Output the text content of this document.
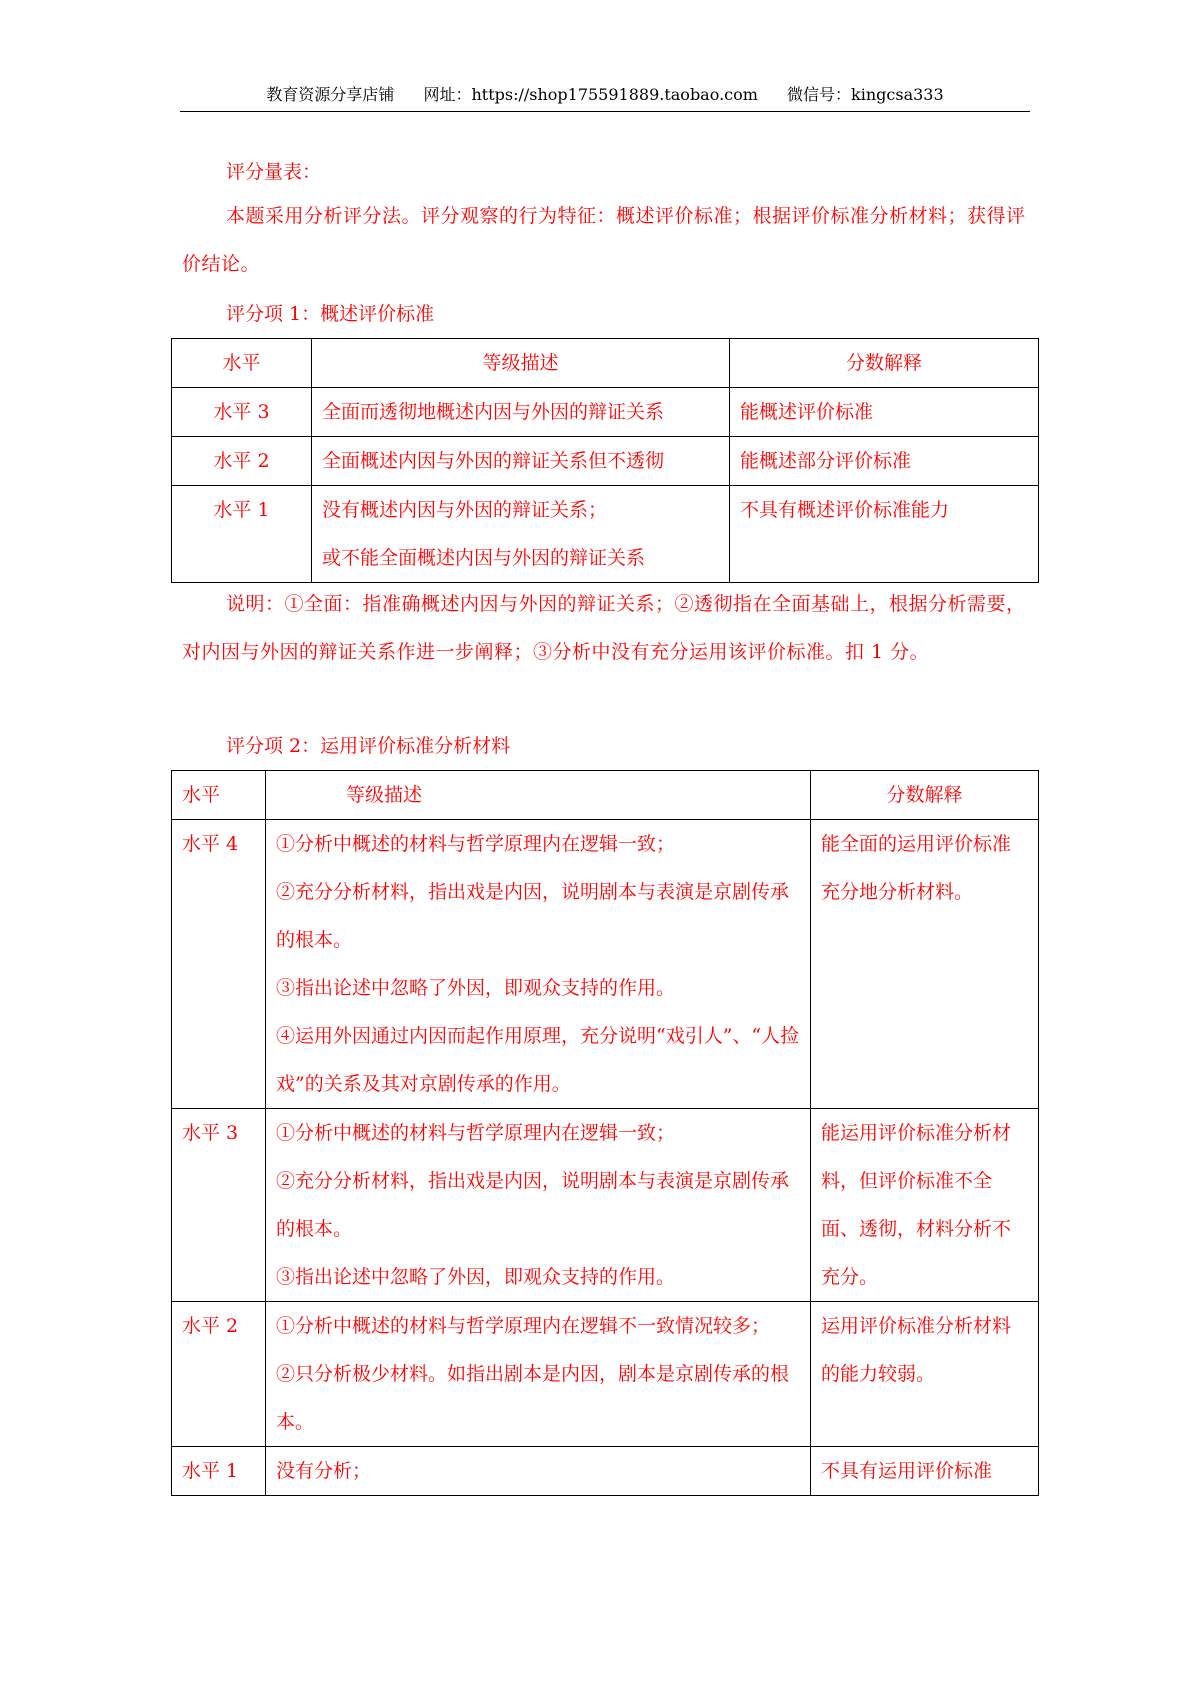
教育资源分享店铺 网址：https://shop175591889.taobao.com 微信号：kingcsa333
评分量表：
本题采用分析评分法。评分观察的行为特征：概述评价标准；根据评价标准分析材料；获得评价结论。
评分项 1：概述评价标准
水平	等级描述	分数解释
水平 3	全面而透彻地概述内因与外因的辩证关系	能概述评价标准
水平 2	全面概述内因与外因的辩证关系但不透彻	能概述部分评价标准
水平 1	没有概述内因与外因的辩证关系；
或不能全面概述内因与外因的辩证关系	不具有概述评价标准能力
说明：①全面：指准确概述内因与外因的辩证关系；②透彻指在全面基础上，根据分析需要，对内因与外因的辩证关系作进一步阐释；③分析中没有充分运用该评价标准。扣 1 分。
评分项 2：运用评价标准分析材料
水平	等级描述	分数解释
水平 4	①分析中概述的材料与哲学原理内在逻辑一致；
②充分分析材料，指出戏是内因，说明剧本与表演是京剧传承的根本。
③指出论述中忽略了外因，即观众支持的作用。
④运用外因通过内因而起作用原理，充分说明“戏引人”、“人捡戏”的关系及其对京剧传承的作用。	能全面的运用评价标准充分地分析材料。
水平 3	①分析中概述的材料与哲学原理内在逻辑一致；
②充分分析材料，指出戏是内因，说明剧本与表演是京剧传承的根本。
③指出论述中忽略了外因，即观众支持的作用。	能运用评价标准分析材料，但评价标准不全面、透彻，材料分析不充分。
水平 2	①分析中概述的材料与哲学原理内在逻辑不一致情况较多；
②只分析极少材料。如指出剧本是内因，剧本是京剧传承的根本。	运用评价标准分析材料的能力较弱。
水平 1	没有分析；	不具有运用评价标准
